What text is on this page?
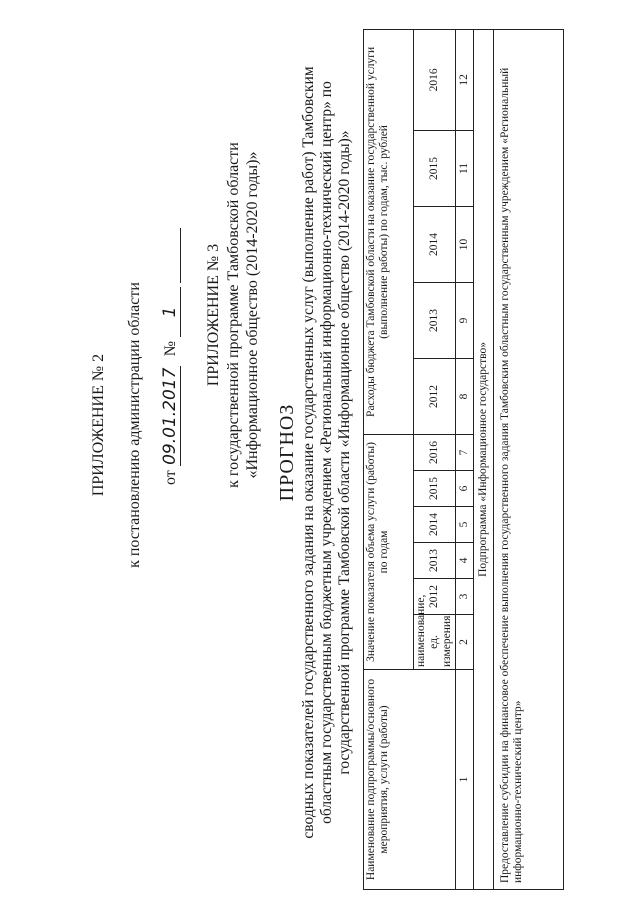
ПРИЛОЖЕНИЕ № 2 к постановлению администрации области от 09.01.2017 № 1 ПРИЛОЖЕНИЕ № 3 к государственной программе Тамбовской области «Информационное общество (2014-2020 годы)» ПРОГНОЗ сводных показателей государственного задания на оказание государственных услуг (выполнение работ) Тамбовским областным государственным бюджетным учреждением «Региональный информационно-технический центр» по государственной программе Тамбовской области «Информационное общество (2014-2020 годы)»
Наименование подпрограммы/основного мероприятия, услуги (работы)	Значение показателя объема услуги (работы) по годам						Расходы бюджета Тамбовской области на оказание государственной услуги (выполнение работы) по годам, тыс. рублей				
	наименование, ед. измерения	2012	2013	2014	2015	2016	2012	2013	2014	2015	2016
1	2	3	4	5	6	7	8	9	10	11	12
Подпрограмма «Информационное государство»											
Предоставление субсидии на финансовое обеспечение выполнения государственного задания Тамбовским областным государственным учреждением «Региональный информационно-технический центр»											
